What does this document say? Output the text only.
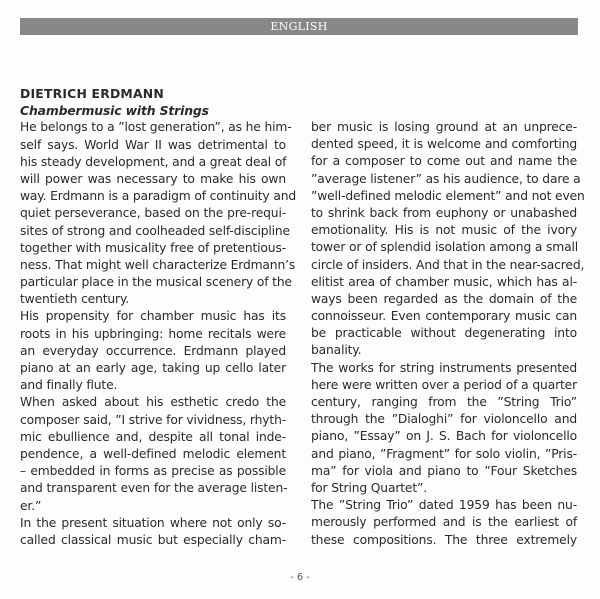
ENGLISH
DIETRICH ERDMANN
Chambermusic with Strings
He belongs to a ”lost generation”, as he him-
self says. World War II was detrimental to
his steady development, and a great deal of
will power was necessary to make his own
way. Erdmann is a paradigm of continuity and
quiet perseverance, based on the pre-requi-
sites of strong and coolheaded self-discipline
together with musicality free of pretentious-
ness. That might well characterize Erdmann’s
particular place in the musical scenery of the
twentieth century.
His propensity for chamber music has its
roots in his upbringing: home recitals were
an everyday occurrence. Erdmann played
piano at an early age, taking up cello later
and finally flute.
When asked about his esthetic credo the
composer said, ”I strive for vividness, rhyth-
mic ebullience and, despite all tonal inde-
pendence, a well-defined melodic element
– embedded in forms as precise as possible
and transparent even for the average listen-
er.”
In the present situation where not only so-
called classical music but especially cham-
ber music is losing ground at an unprece-
dented speed, it is welcome and comforting
for a composer to come out and name the
”average listener” as his audience, to dare a
”well-defined melodic element” and not even
to shrink back from euphony or unabashed
emotionality. His is not music of the ivory
tower or of splendid isolation among a small
circle of insiders. And that in the near-sacred,
elitist area of chamber music, which has al-
ways been regarded as the domain of the
connoisseur. Even contemporary music can
be practicable without degenerating into
banality.
The works for string instruments presented
here were written over a period of a quarter
century, ranging from the ”String Trio”
through the ”Dialoghi” for violoncello and
piano, ”Essay” on J. S. Bach for violoncello
and piano, ”Fragment” for solo violin, ”Pris-
ma” for viola and piano to ”Four Sketches
for String Quartet”.
The ”String Trio” dated 1959 has been nu-
merously performed and is the earliest of
these compositions. The three extremely
- 6 -
